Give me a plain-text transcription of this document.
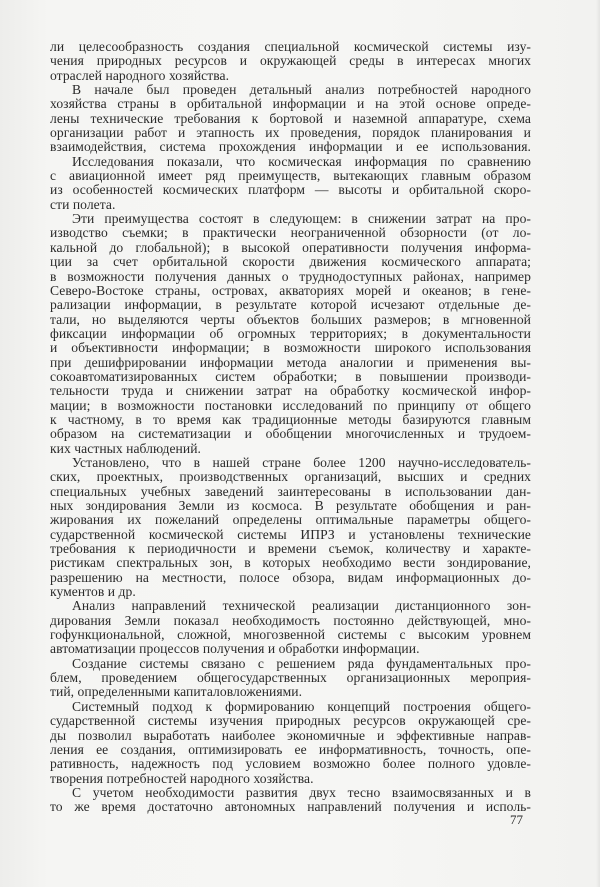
ли целесообразность создания специальной космической системы изу-
чения природных ресурсов и окружающей среды в интересах многих
отраслей народного хозяйства.
В начале был проведен детальный анализ потребностей народного
хозяйства страны в орбитальной информации и на этой основе опреде-
лены технические требования к бортовой и наземной аппаратуре, схема
организации работ и этапность их проведения, порядок планирования и
взаимодействия, система прохождения информации и ее использования.
Исследования показали, что космическая информация по сравнению
с авиационной имеет ряд преимуществ, вытекающих главным образом
из особенностей космических платформ — высоты и орбитальной скоро-
сти полета.
Эти преимущества состоят в следующем: в снижении затрат на про-
изводство съемки; в практически неограниченной обзорности (от ло-
кальной до глобальной); в высокой оперативности получения информа-
ции за счет орбитальной скорости движения космического аппарата;
в возможности получения данных о труднодоступных районах, например
Северо-Востоке страны, островах, акваториях морей и океанов; в гене-
рализации информации, в результате которой исчезают отдельные де-
тали, но выделяются черты объектов больших размеров; в мгновенной
фиксации информации об огромных территориях; в документальности
и объективности информации; в возможности широкого использования
при дешифрировании информации метода аналогии и применения вы-
сокоавтоматизированных систем обработки; в повышении производи-
тельности труда и снижении затрат на обработку космической инфор-
мации; в возможности постановки исследований по принципу от общего
к частному, в то время как традиционные методы базируются главным
образом на систематизации и обобщении многочисленных и трудоем-
ких частных наблюдений.
Установлено, что в нашей стране более 1200 научно-исследователь-
ских, проектных, производственных организаций, высших и средних
специальных учебных заведений заинтересованы в использовании дан-
ных зондирования Земли из космоса. В результате обобщения и ран-
жирования их пожеланий определены оптимальные параметры общего-
сударственной космической системы ИПРЗ и установлены технические
требования к периодичности и времени съемок, количеству и характе-
ристикам спектральных зон, в которых необходимо вести зондирование,
разрешению на местности, полосе обзора, видам информационных до-
кументов и др.
Анализ направлений технической реализации дистанционного зон-
дирования Земли показал необходимость постоянно действующей, мно-
гофункциональной, сложной, многозвенной системы с высоким уровнем
автоматизации процессов получения и обработки информации.
Создание системы связано с решением ряда фундаментальных про-
блем, проведением общегосударственных организационных мероприя-
тий, определенными капиталовложениями.
Системный подход к формированию концепций построения общего-
сударственной системы изучения природных ресурсов окружающей сре-
ды позволил выработать наиболее экономичные и эффективные направ-
ления ее создания, оптимизировать ее информативность, точность, опе-
ративность, надежность под условием возможно более полного удовле-
творения потребностей народного хозяйства.
С учетом необходимости развития двух тесно взаимосвязанных и в
то же время достаточно автономных направлений получения и исполь-
77
